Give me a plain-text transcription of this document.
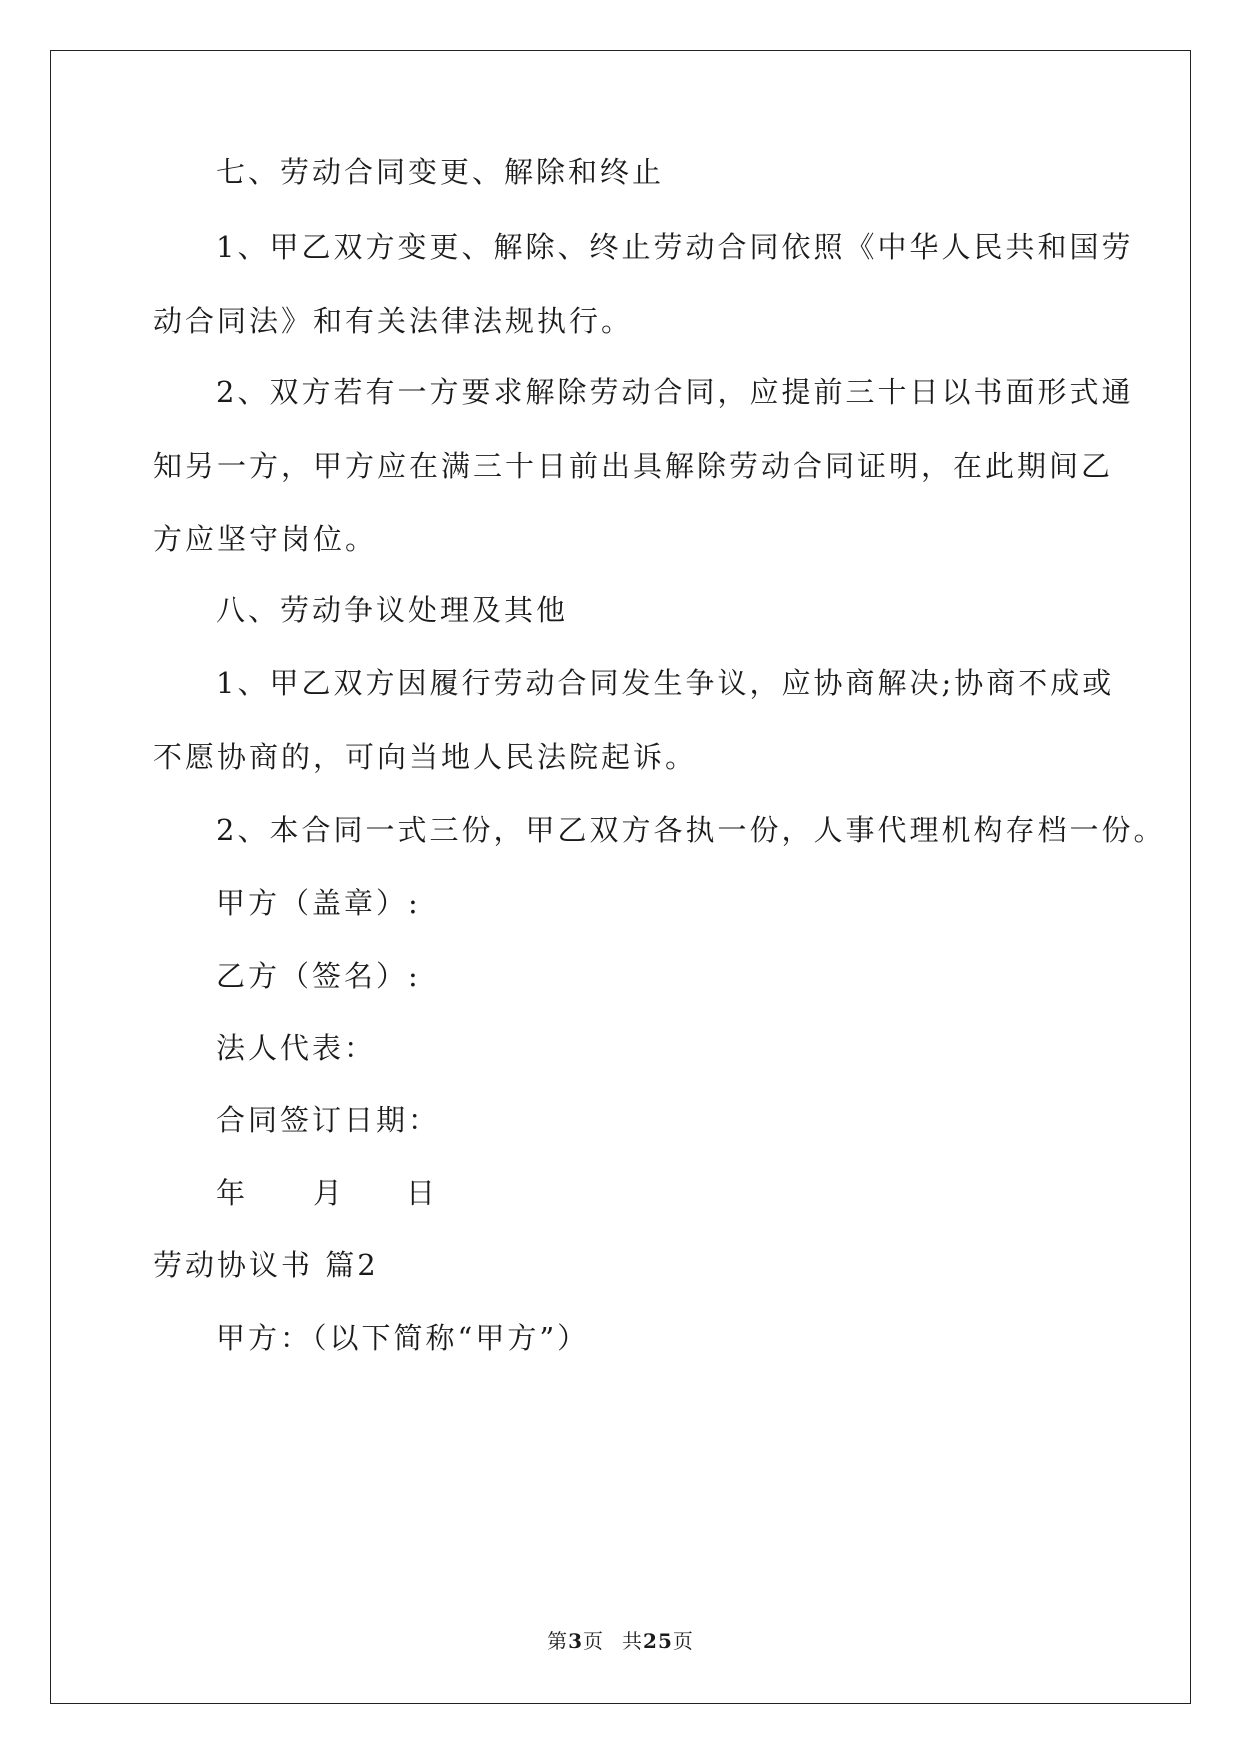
七、劳动合同变更、解除和终止
1、甲乙双方变更、解除、终止劳动合同依照《中华人民共和国劳
动合同法》和有关法律法规执行。
2、双方若有一方要求解除劳动合同，应提前三十日以书面形式通
知另一方，甲方应在满三十日前出具解除劳动合同证明，在此期间乙
方应坚守岗位。
八、劳动争议处理及其他
1、甲乙双方因履行劳动合同发生争议，应协商解决;协商不成或
不愿协商的，可向当地人民法院起诉。
2、本合同一式三份，甲乙双方各执一份，人事代理机构存档一份。
甲方（盖章）:
乙方（签名）:
法人代表：
合同签订日期：
年 月 日
劳动协议书 篇2
甲方：（以下简称“甲方”）
第3页 共25页
